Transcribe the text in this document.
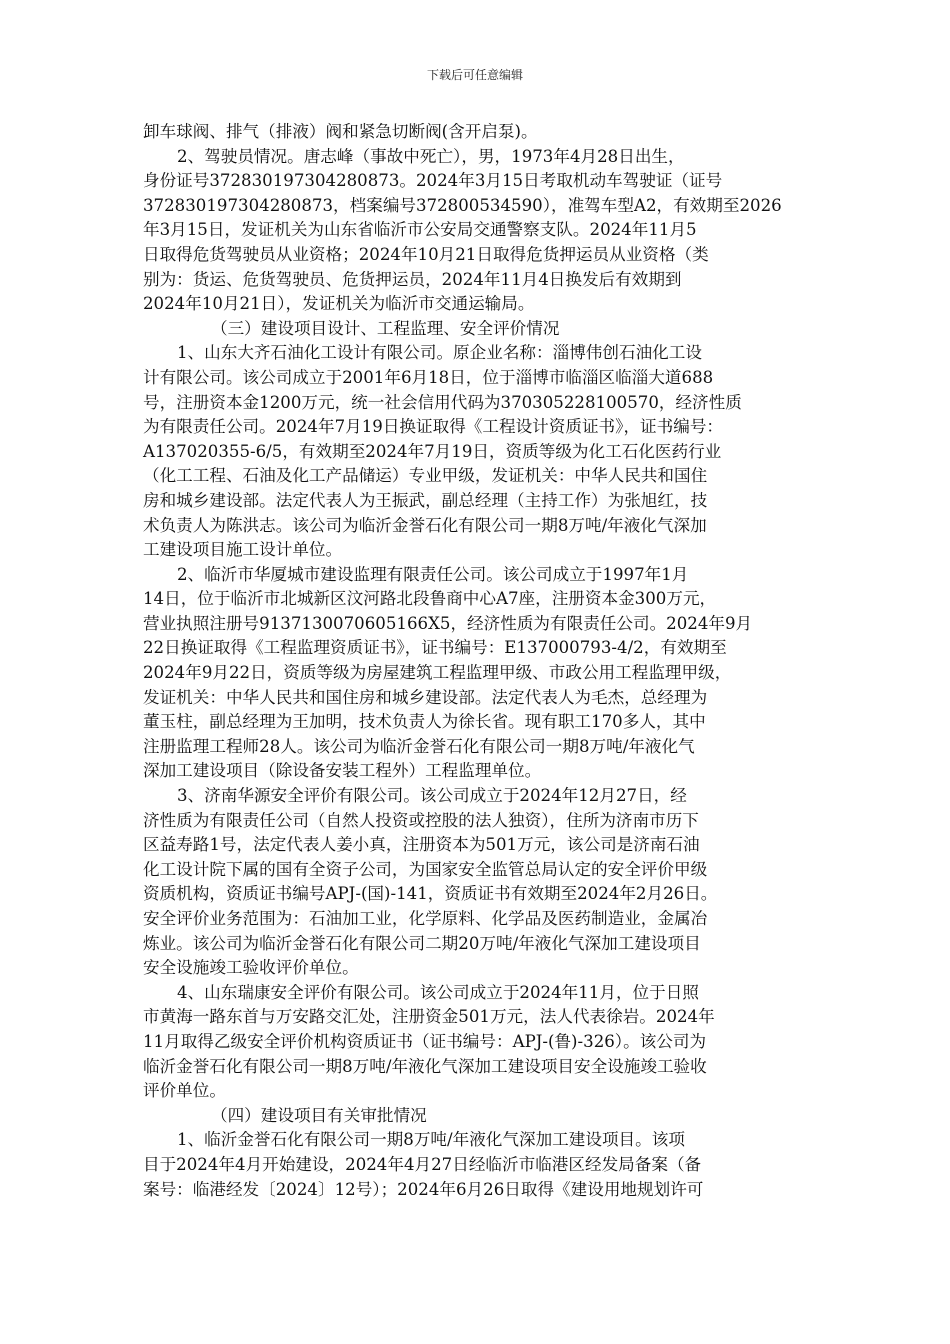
下载后可任意编辑
卸车球阀、排气（排液）阀和紧急切断阀(含开启泵)。
2、驾驶员情况。唐志峰（事故中死亡），男，1973年4月28日出生，
身份证号372830197304280873。2024年3月15日考取机动车驾驶证（证号
372830197304280873，档案编号372800534590），准驾车型A2，有效期至2026
年3月15日，发证机关为山东省临沂市公安局交通警察支队。2024年11月5
日取得危货驾驶员从业资格；2024年10月21日取得危货押运员从业资格（类
别为：货运、危货驾驶员、危货押运员，2024年11月4日换发后有效期到
2024年10月21日），发证机关为临沂市交通运输局。
（三）建设项目设计、工程监理、安全评价情况
1、山东大齐石油化工设计有限公司。原企业名称：淄博伟创石油化工设
计有限公司。该公司成立于2001年6月18日，位于淄博市临淄区临淄大道688
号，注册资本金1200万元，统一社会信用代码为370305228100570，经济性质
为有限责任公司。2024年7月19日换证取得《工程设计资质证书》，证书编号：
A137020355-6/5，有效期至2024年7月19日，资质等级为化工石化医药行业
（化工工程、石油及化工产品储运）专业甲级，发证机关：中华人民共和国住
房和城乡建设部。法定代表人为王振武，副总经理（主持工作）为张旭红，技
术负责人为陈洪志。该公司为临沂金誉石化有限公司一期8万吨/年液化气深加
工建设项目施工设计单位。
2、临沂市华厦城市建设监理有限责任公司。该公司成立于1997年1月
14日，位于临沂市北城新区汶河路北段鲁商中心A7座，注册资本金300万元，
营业执照注册号9137130070605166X5，经济性质为有限责任公司。2024年9月
22日换证取得《工程监理资质证书》，证书编号：E137000793-4/2，有效期至
2024年9月22日，资质等级为房屋建筑工程监理甲级、市政公用工程监理甲级，
发证机关：中华人民共和国住房和城乡建设部。法定代表人为毛杰，总经理为
董玉柱，副总经理为王加明，技术负责人为徐长省。现有职工170多人，其中
注册监理工程师28人。该公司为临沂金誉石化有限公司一期8万吨/年液化气
深加工建设项目（除设备安装工程外）工程监理单位。
3、济南华源安全评价有限公司。该公司成立于2024年12月27日，经
济性质为有限责任公司（自然人投资或控股的法人独资），住所为济南市历下
区益寿路1号，法定代表人姜小真，注册资本为501万元，该公司是济南石油
化工设计院下属的国有全资子公司，为国家安全监管总局认定的安全评价甲级
资质机构，资质证书编号APJ-(国)-141，资质证书有效期至2024年2月26日。
安全评价业务范围为：石油加工业，化学原料、化学品及医药制造业，金属冶
炼业。该公司为临沂金誉石化有限公司二期20万吨/年液化气深加工建设项目
安全设施竣工验收评价单位。
4、山东瑞康安全评价有限公司。该公司成立于2024年11月，位于日照
市黄海一路东首与万安路交汇处，注册资金501万元，法人代表徐岩。2024年
11月取得乙级安全评价机构资质证书（证书编号：APJ-(鲁)-326）。该公司为
临沂金誉石化有限公司一期8万吨/年液化气深加工建设项目安全设施竣工验收
评价单位。
（四）建设项目有关审批情况
1、临沂金誉石化有限公司一期8万吨/年液化气深加工建设项目。该项
目于2024年4月开始建设，2024年4月27日经临沂市临港区经发局备案（备
案号：临港经发〔2024〕12号）；2024年6月26日取得《建设用地规划许可
